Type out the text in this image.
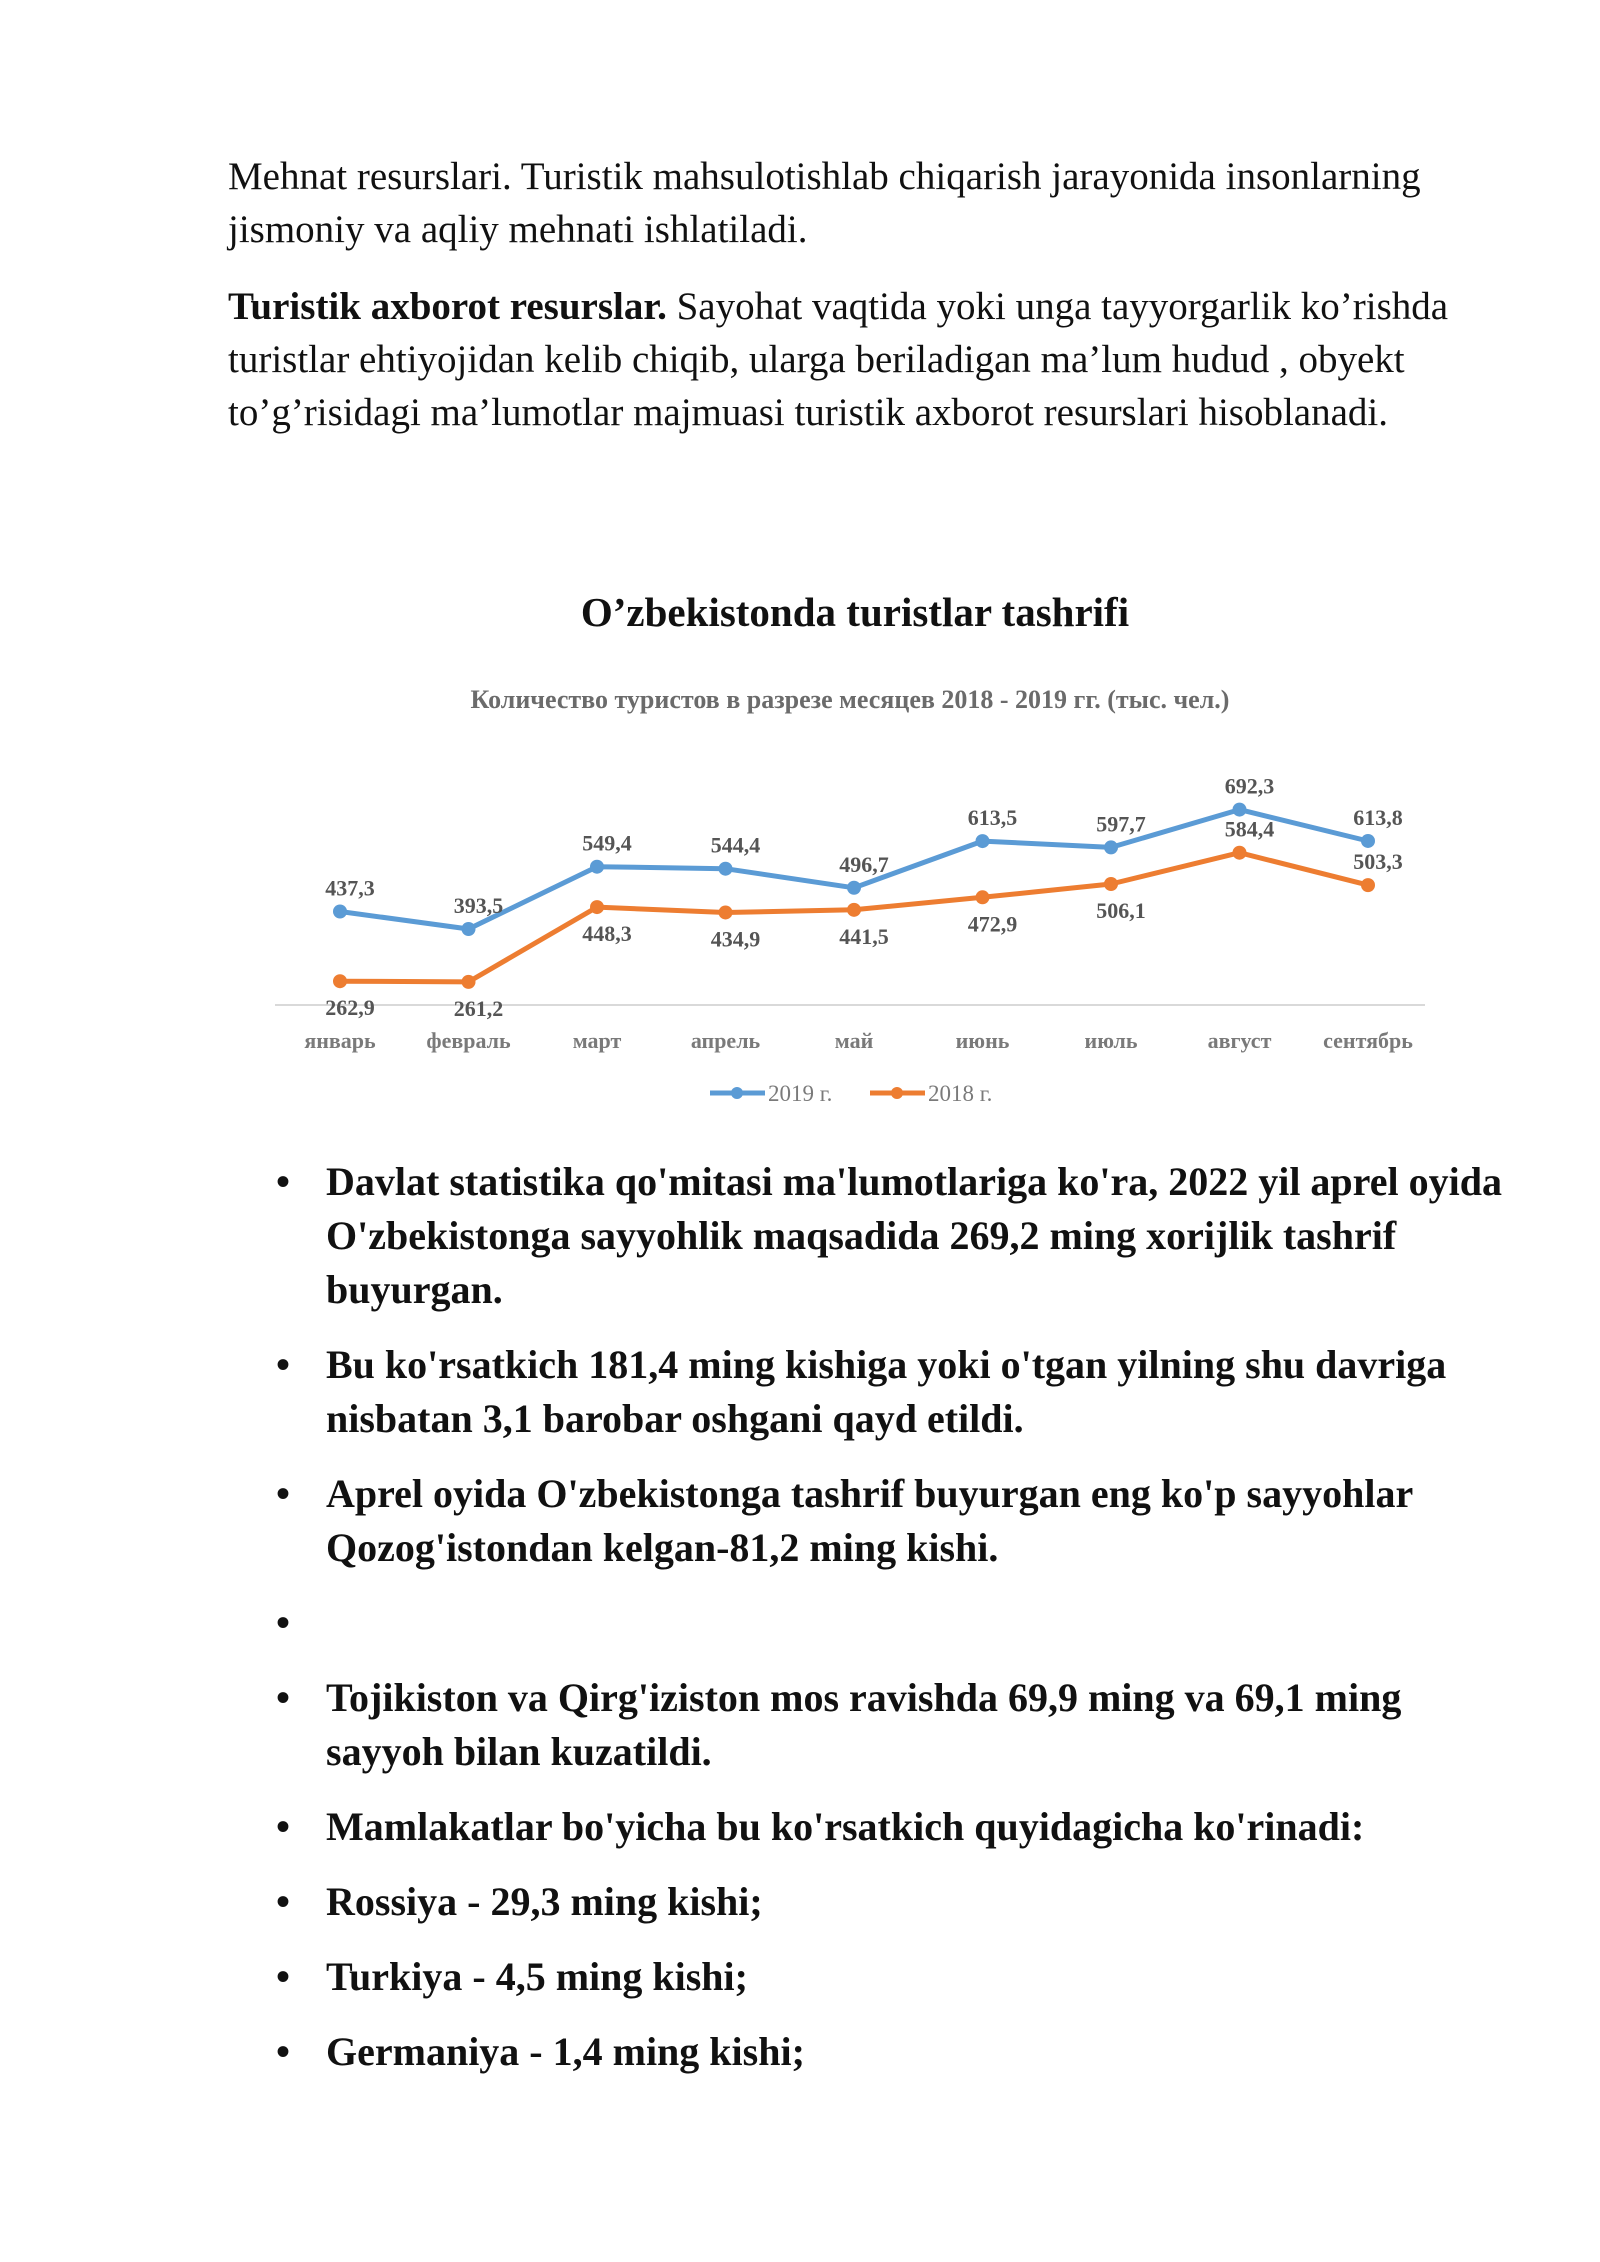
Mehnat resurslari. Turistik mahsulotishlab chiqarish jarayonida insonlarning jismoniy va aqliy mehnati ishlatiladi.

Turistik axborot resurslar. Sayohat vaqtida yoki unga tayyorgarlik ko’rishda turistlar ehtiyojidan kelib chiqib, ularga beriladigan ma’lum hudud , obyekt to’g’risidagi ma’lumotlar majmuasi turistik axborot resurslari hisoblanadi.

O’zbekistonda turistlar tashrifi
Количество туристов в разрезе месяцев 2018 - 2019 гг. (тыс. чел.)
январь февраль	март	апрель	май	июнь	июль	август сентябрь
437,3
393,5
549,4	544,4
496,7
613,5	597,7
692,3
613,8
262,9	261,2
448,3	434,9	441,5
472,9
506,1
584,4
503,3
2019 г.	2018 г.
• Davlat statistika qo'mitasi ma'lumotlariga ko'ra, 2022 yil aprel oyida O'zbekistonga sayyohlik maqsadida 269,2 ming xorijlik tashrif buyurgan.
• Bu ko'rsatkich 181,4 ming kishiga yoki o'tgan yilning shu davriga nisbatan 3,1 barobar oshgani qayd etildi.
• Aprel oyida O'zbekistonga tashrif buyurgan eng ko'p sayyohlar Qozog'istondan kelgan-81,2 ming kishi.
•
• Tojikiston va Qirg'iziston mos ravishda 69,9 ming va 69,1 ming sayyoh bilan kuzatildi.
• Mamlakatlar bo'yicha bu ko'rsatkich quyidagicha ko'rinadi:
• Rossiya - 29,3 ming kishi;
• Turkiya - 4,5 ming kishi;
• Germaniya - 1,4 ming kishi;
